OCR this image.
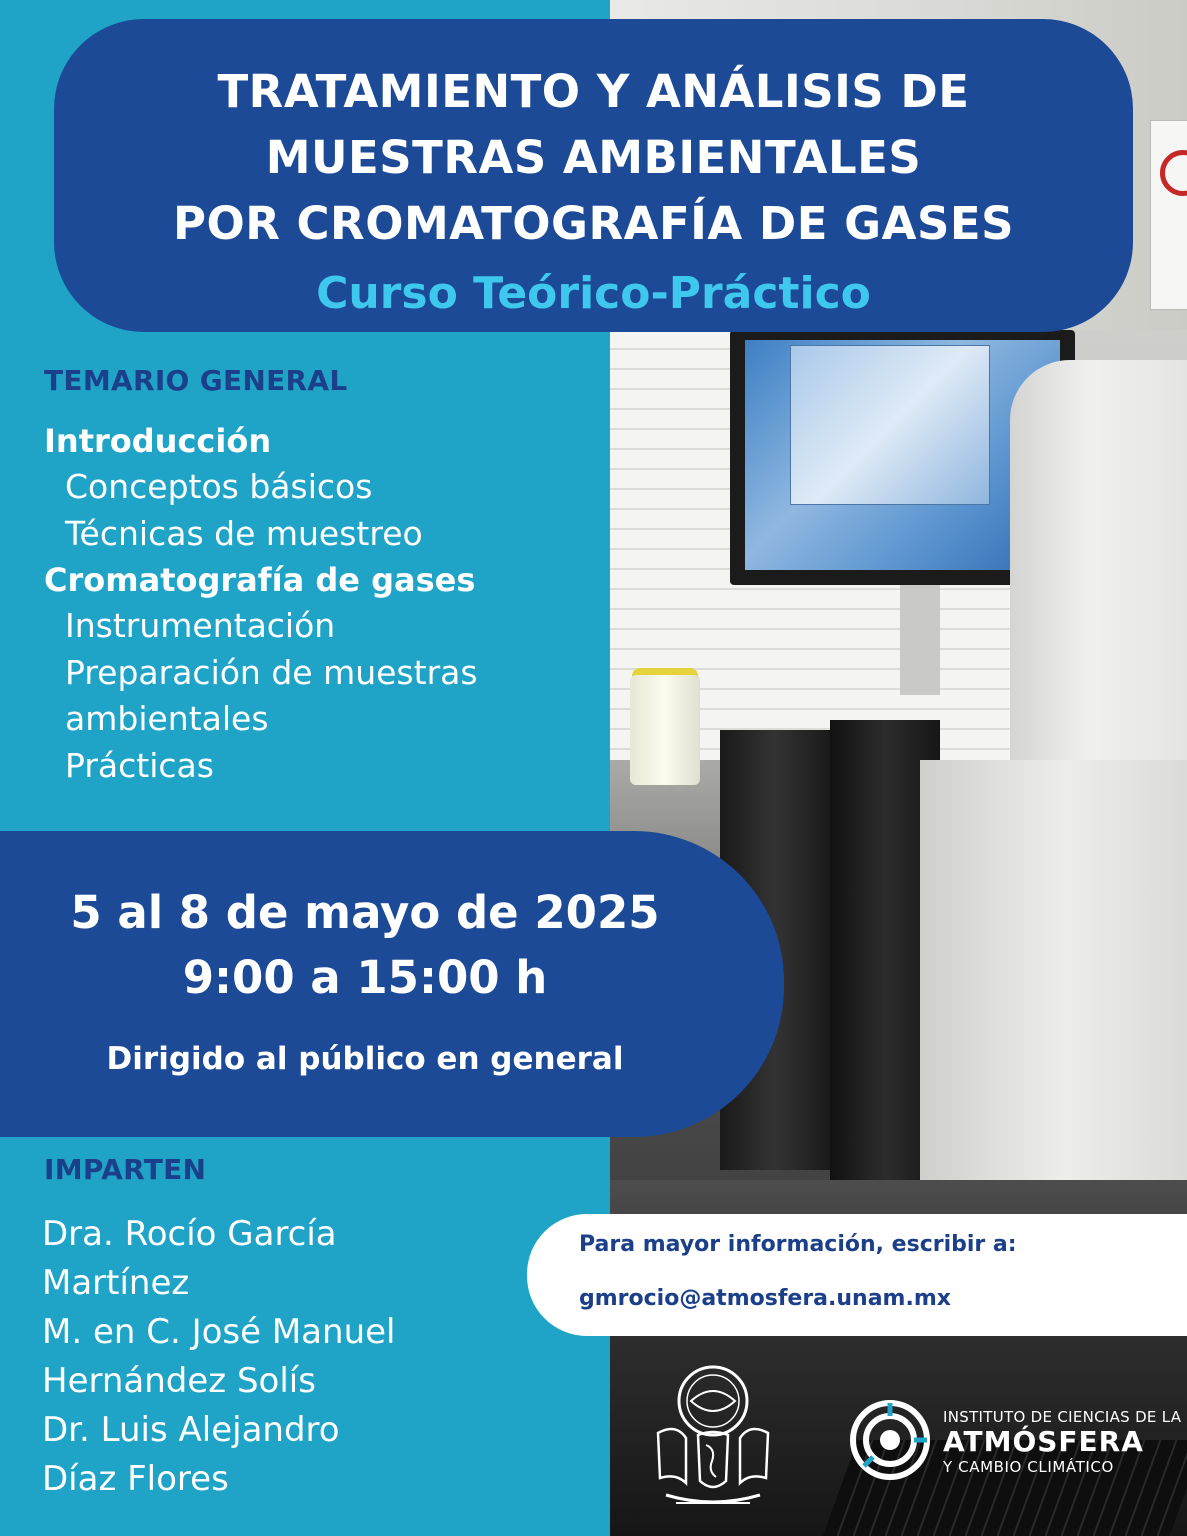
TRATAMIENTO Y ANÁLISIS DE
MUESTRAS AMBIENTALES
POR CROMATOGRAFÍA DE GASES
Curso Teórico-Práctico
TEMARIO GENERAL
Introducción
Conceptos básicos
Técnicas de muestreo
Cromatografía de gases
Instrumentación
Preparación de muestras
ambientales
Prácticas
5 al 8 de mayo de 2025
9:00 a 15:00 h
Dirigido al público en general
IMPARTEN
Dra. Rocío García
Martínez
M. en C. José Manuel
Hernández Solís
Dr. Luis Alejandro
Díaz Flores
Para mayor información, escribir a:
gmrocio@atmosfera.unam.mx
INSTITUTO DE CIENCIAS DE LA
ATMÓSFERA
Y CAMBIO CLIMÁTICO
